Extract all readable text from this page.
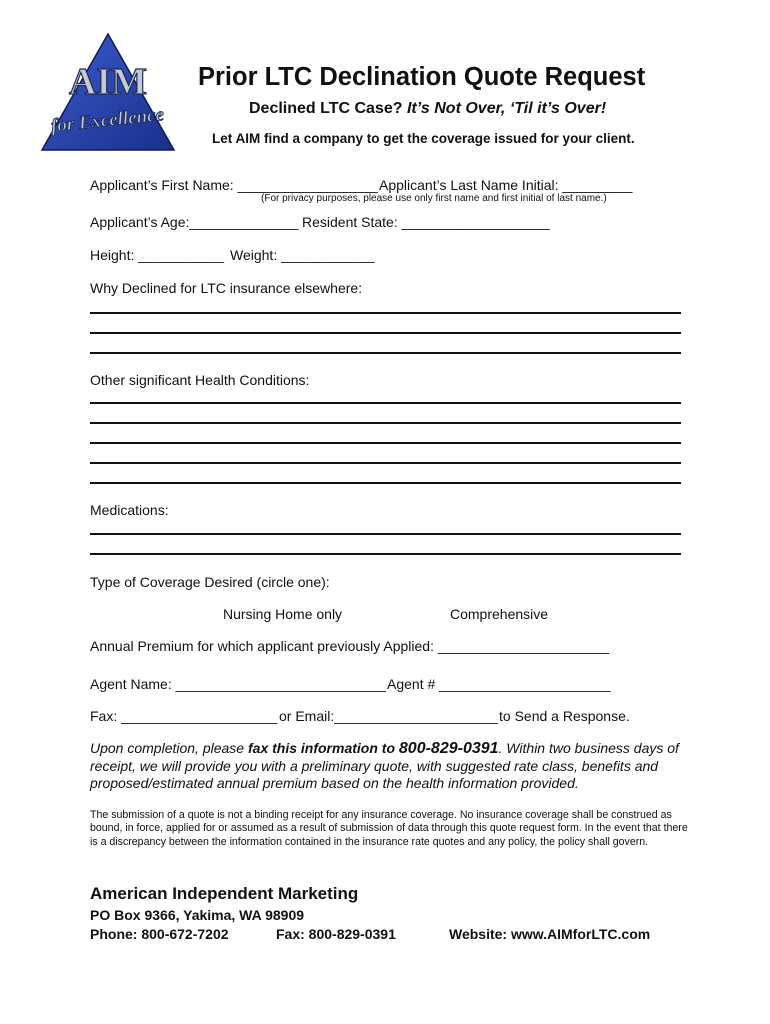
AIM
for Excellence
Prior LTC Declination Quote Request
Declined LTC Case? It’s Not Over, ‘Til it’s Over!
Let AIM find a company to get the coverage issued for your client.
Applicant’s First Name: __________________ Applicant’s Last Name Initial: _________
(For privacy purposes, please use only first name and first initial of last name.)
Applicant’s Age:______________ Resident State: ___________________
Height: ___________ Weight: ____________
Why Declined for LTC insurance elsewhere:
Other significant Health Conditions:
Medications:
Type of Coverage Desired (circle one):
Nursing Home only	Comprehensive
Annual Premium for which applicant previously Applied: ______________________
Agent Name: ___________________________ Agent # ______________________
Fax: ____________________ or Email:_____________________ to Send a Response.
Upon completion, please fax this information to 800-829-0391. Within two business days of receipt, we will provide you with a preliminary quote, with suggested rate class, benefits and proposed/estimated annual premium based on the health information provided.
The submission of a quote is not a binding receipt for any insurance coverage. No insurance coverage shall be construed as bound, in force, applied for or assumed as a result of submission of data through this quote request form. In the event that there is a discrepancy between the information contained in the insurance rate quotes and any policy, the policy shall govern.
American Independent Marketing
PO Box 9366, Yakima, WA 98909
Phone: 800-672-7202	Fax: 800-829-0391	Website: www.AIMforLTC.com
